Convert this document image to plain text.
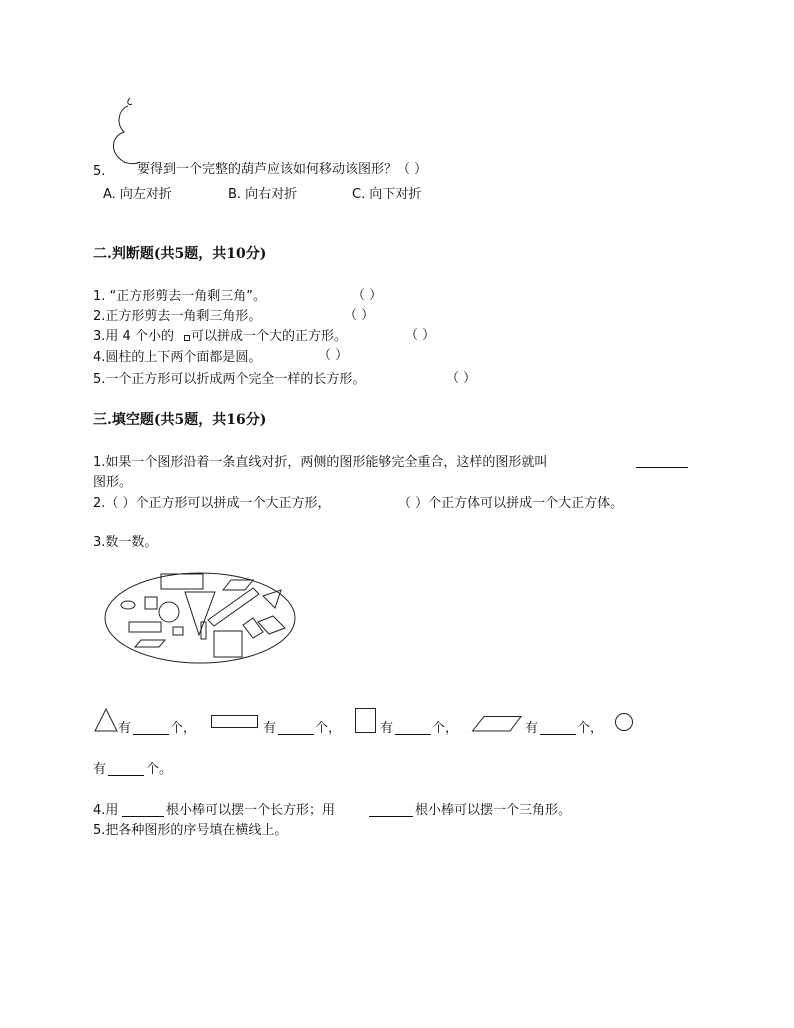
5. 要得到一个完整的葫芦应该如何移动该图形？（ ）
A. 向左对折	B. 向右对折	C. 向下对折
二.判断题(共5题，共10分)
1. “正方形剪去一角剩三角”。	（ ）
2.正方形剪去一角剩三角形。	（ ）
3.用 4 个小的 可以拼成一个大的正方形。	（ ）
4.圆柱的上下两个面都是圆。	（ ）
5.一个正方形可以折成两个完全一样的长方形。	（ ）
三.填空题(共5题，共16分)
1.如果一个图形沿着一条直线对折，两侧的图形能够完全重合，这样的图形就叫
图形。
2.（ ）个正方形可以拼成一个大正方形，	（ ）个正方体可以拼成一个大正方体。
3.数一数。
有	个，	有	个，	有	个，	有	个，
有	个。
4.用	根小棒可以摆一个长方形；用	根小棒可以摆一个三角形。
5.把各种图形的序号填在横线上。
